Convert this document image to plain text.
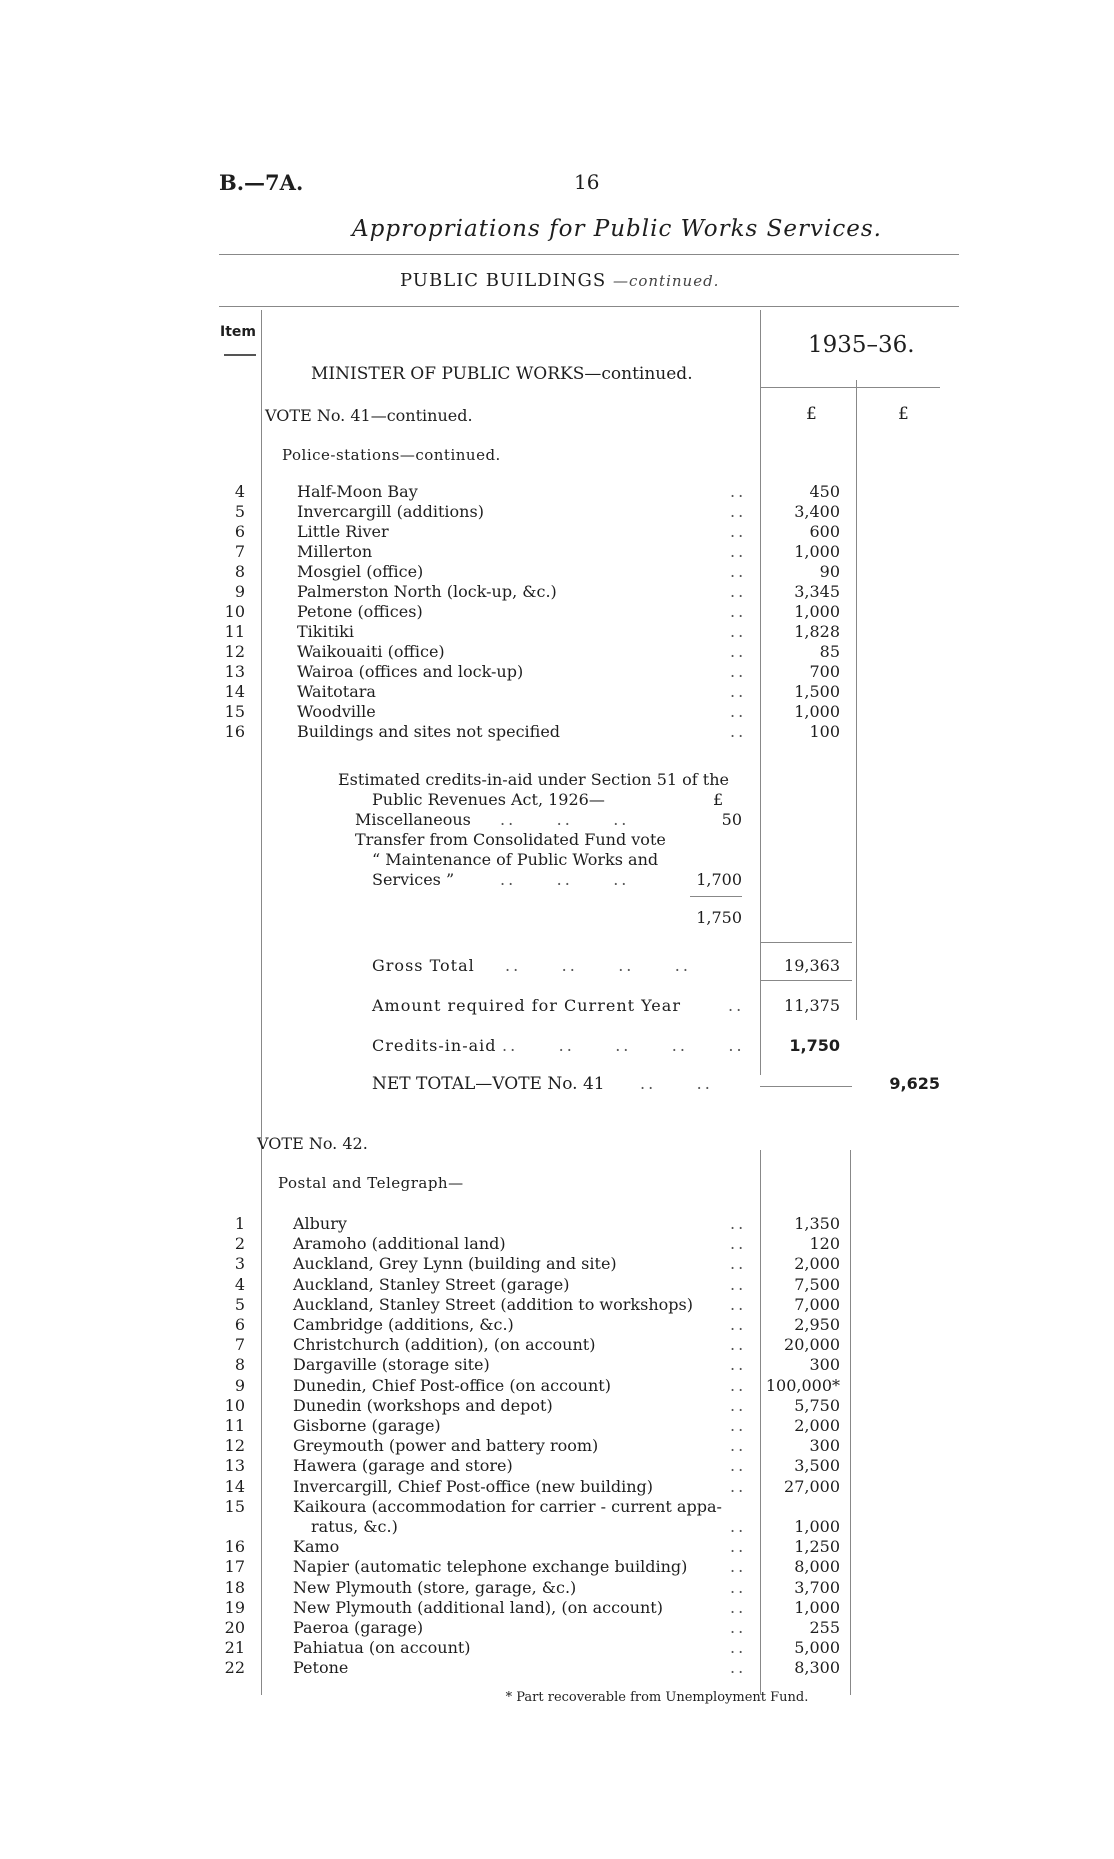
B.—7A.	16
Appropriations for Public Works Services.
PUBLIC BUILDINGS —continued.
Item	1935–36.
£	£
MINISTER OF PUBLIC WORKS—continued.
VOTE No. 41—continued.
Police-stations—continued.
4	Half-Moon Bay	..	450
5	Invercargill (additions)	..	3,400
6	Little River	..	600
7	Millerton	..	1,000
8	Mosgiel (office)	..	90
9	Palmerston North (lock-up, &c.)	..	3,345
10	Petone (offices)	..	1,000
11	Tikitiki	..	1,828
12	Waikouaiti (office)	..	85
13	Wairoa (offices and lock-up)	..	700
14	Waitotara	..	1,500
15	Woodville	..	1,000
16	Buildings and sites not specified	..	100
Estimated credits-in-aid under Section 51 of the
Public Revenues Act, 1926—	£
Miscellaneous ..     ..     ..	50
Transfer from Consolidated Fund vote
“ Maintenance of Public Works and
Services ”	..     ..     ..	1,700
1,750
Gross Total ..     ..     ..     ..	19,363
Amount required for Current Year	..	11,375
Credits-in-aid ..     ..     ..     ..     ..	1,750
NET TOTAL—VOTE No. 41 ..     ..	9,625
VOTE No. 42.
Postal and Telegraph—
1	Albury	..	1,350
2	Aramoho (additional land)	..	120
3	Auckland, Grey Lynn (building and site)	..	2,000
4	Auckland, Stanley Street (garage)	..	7,500
5	Auckland, Stanley Street (addition to workshops) ..	7,000
6	Cambridge (additions, &c.)	..	2,950
7	Christchurch (addition), (on account)	..	20,000
8	Dargaville (storage site)	..	300
9	Dunedin, Chief Post-office (on account)	..	100,000*
10	Dunedin (workshops and depot)	..	5,750
11	Gisborne (garage)	..	2,000
12	Greymouth (power and battery room)	..	300
13	Hawera (garage and store)	..	3,500
14	Invercargill, Chief Post-office (new building)	..	27,000
15	Kaikoura (accommodation for carrier - current appa-
ratus, &c.)	..	1,000
16	Kamo	..	1,250
17	Napier (automatic telephone exchange building)	..	8,000
18	New Plymouth (store, garage, &c.)	..	3,700
19	New Plymouth (additional land), (on account)	..	1,000
20	Paeroa (garage)	..	255
21	Pahiatua (on account)	..	5,000
22	Petone	..	8,300
* Part recoverable from Unemployment Fund.
